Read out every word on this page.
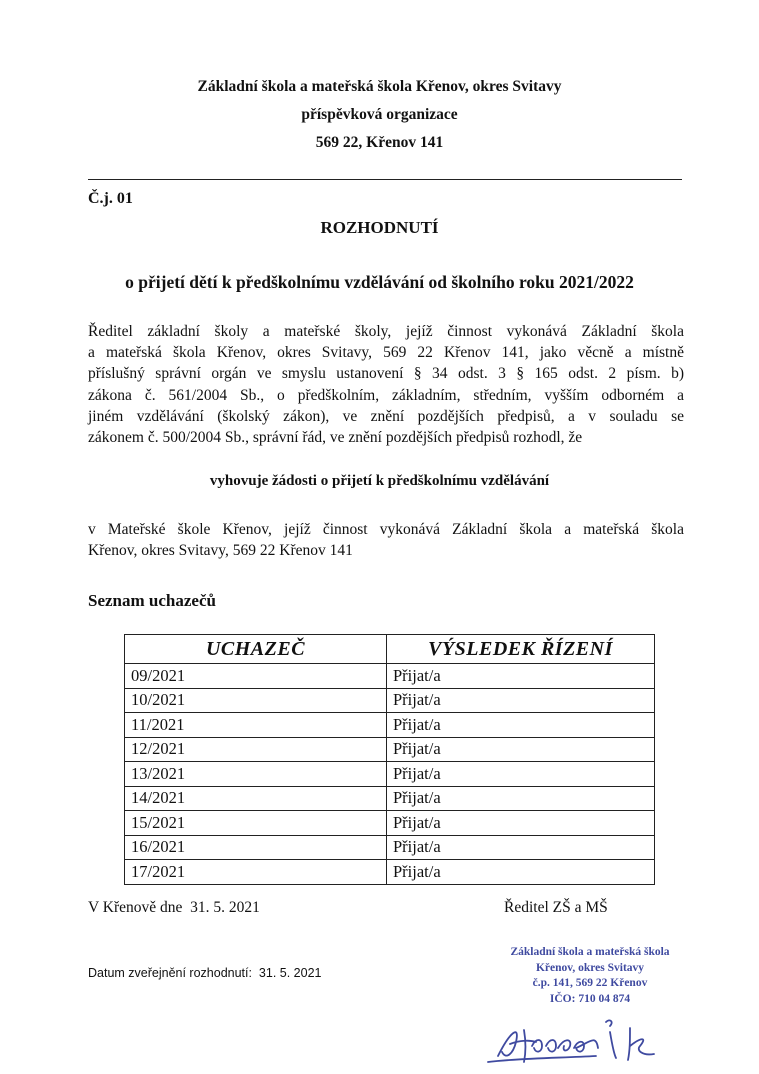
Základní škola a mateřská škola Křenov, okres Svitavy
příspěvková organizace
569 22, Křenov 141
Č.j. 01
ROZHODNUTÍ
o přijetí dětí k předškolnímu vzdělávání od školního roku 2021/2022
Ředitel základní školy a mateřské školy, jejíž činnost vykonává Základní škola
a mateřská škola Křenov, okres Svitavy, 569 22 Křenov 141, jako věcně a místně
příslušný správní orgán ve smyslu ustanovení § 34 odst. 3 § 165 odst. 2 písm. b)
zákona č. 561/2004 Sb., o předškolním, základním, středním, vyšším odborném a
jiném vzdělávání (školský zákon), ve znění pozdějších předpisů, a v souladu se
zákonem č. 500/2004 Sb., správní řád, ve znění pozdějších předpisů rozhodl, že
vyhovuje žádosti o přijetí k předškolnímu vzdělávání
v Mateřské škole Křenov, jejíž činnost vykonává Základní škola a mateřská škola
Křenov, okres Svitavy, 569 22 Křenov 141
Seznam uchazečů
UCHAZEČ	VÝSLEDEK ŘÍZENÍ
09/2021	Přijat/a
10/2021	Přijat/a
11/2021	Přijat/a
12/2021	Přijat/a
13/2021	Přijat/a
14/2021	Přijat/a
15/2021	Přijat/a
16/2021	Přijat/a
17/2021	Přijat/a
V Křenově dne  31. 5. 2021	Ředitel ZŠ a MŠ
Datum zveřejnění rozhodnutí:  31. 5. 2021
Základní škola a mateřská škola
Křenov, okres Svitavy
č.p. 141, 569 22 Křenov
IČO: 710 04 874
